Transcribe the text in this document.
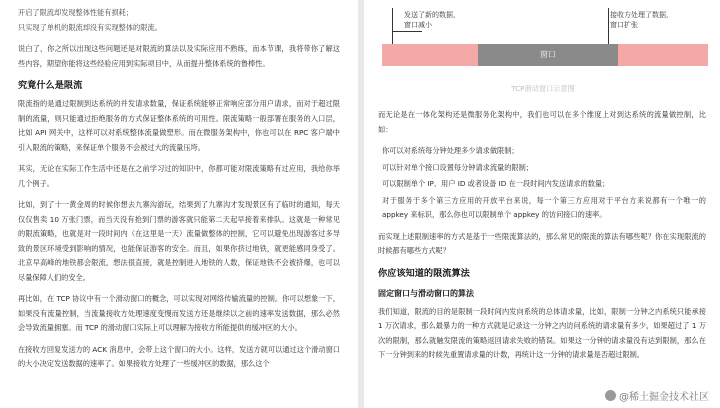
开启了限流却发现整体性能有损耗；

只实现了单机的限流却没有实现整体的限流。

说白了，你之所以出现这些问题还是对限流的算法以及实际应用不熟练，而本节课，我将带你了解这些内容，期望你能将这些经验应用到实际项目中，从而提升整体系统的鲁棒性。

究竟什么是限流

限流指的是通过限制到达系统的并发请求数量，保证系统能够正常响应部分用户请求，而对于超过限制的流量，则只能通过拒绝服务的方式保证整体系统的可用性。限流策略一般部署在服务的入口层，比如 API 网关中，这样可以对系统整体流量做塑形。而在微服务架构中，你也可以在 RPC 客户端中引入限流的策略，来保证单个服务不会被过大的流量压垮。

其实，无论在实际工作生活中还是在之前学习过的知识中，你都可能对限流策略有过应用，我给你举几个例子。

比如，到了十一黄金周的时候你想去九寨沟游玩，结果到了九寨沟才发现景区有了临时的通知，每天仅仅售卖 10 万张门票，而当天没有抢到门票的游客就只能第二天起早接着来排队。这就是一种常见的限流策略，也就是对一段时间内（在这里是一天）流量做整体的控制，它可以避免出现游客过多导致的景区环境受到影响的情况，也能保证游客的安全。而且，如果你挤过地铁，就更能感同身受了。北京早高峰的地铁都会限流，想法很直接，就是控制进入地铁的人数，保证地铁不会被挤爆，也可以尽量保障人们的安全。

再比如，在 TCP 协议中有一个滑动窗口的概念，可以实现对网络传输流量的控制。你可以想象一下，如果没有流量控制，当流量接收方处理速度变慢而发送方还是继续以之前的速率发送数据，那么必然会导致流量拥塞。而 TCP 的滑动窗口实际上可以理解为接收方所能提供的缓冲区的大小。

在接收方回复发送方的 ACK 消息中，会带上这个窗口的大小。这样，发送方就可以通过这个滑动窗口的大小决定发送数据的速率了。如果接收方处理了一些缓冲区的数据，那么这个

发送了新的数据，
窗口减小
接收方处理了数据，
窗口扩张
窗口
TCP滑动窗口示意图

而无论是在一体化架构还是微服务化架构中，我们也可以在多个维度上对到达系统的流量做控制，比如：

你可以对系统每分钟处理多少请求做限制；

可以针对单个接口设置每分钟请求流量的限制；

可以限制单个 IP、用户 ID 或者设备 ID 在一段时间内发送请求的数量；

对于服务于多个第三方应用的开放平台来说，每一个第三方应用对于平台方来说都有一个唯一的 appkey 来标识，那么你也可以限制单个 appkey 的访问接口的速率。

而实现上述限制速率的方式是基于一些限流算法的，那么常见的限流的算法有哪些呢？你在实现限流的时候都有哪些方式呢？

你应该知道的限流算法
固定窗口与滑动窗口的算法

我们知道，限流的目的是限制一段时间内发向系统的总体请求量，比如，限制一分钟之内系统只能承接 1 万次请求，那么最暴力的一种方式就是记录这一分钟之内访问系统的请求量有多少，如果超过了 1 万次的限制，那么就触发限流的策略返回请求失败的错误。如果这一分钟的请求量没有达到限制，那么在下一分钟到来的时候先重置请求量的计数，再统计这一分钟的请求量是否超过限制。

@稀土掘金技术社区
